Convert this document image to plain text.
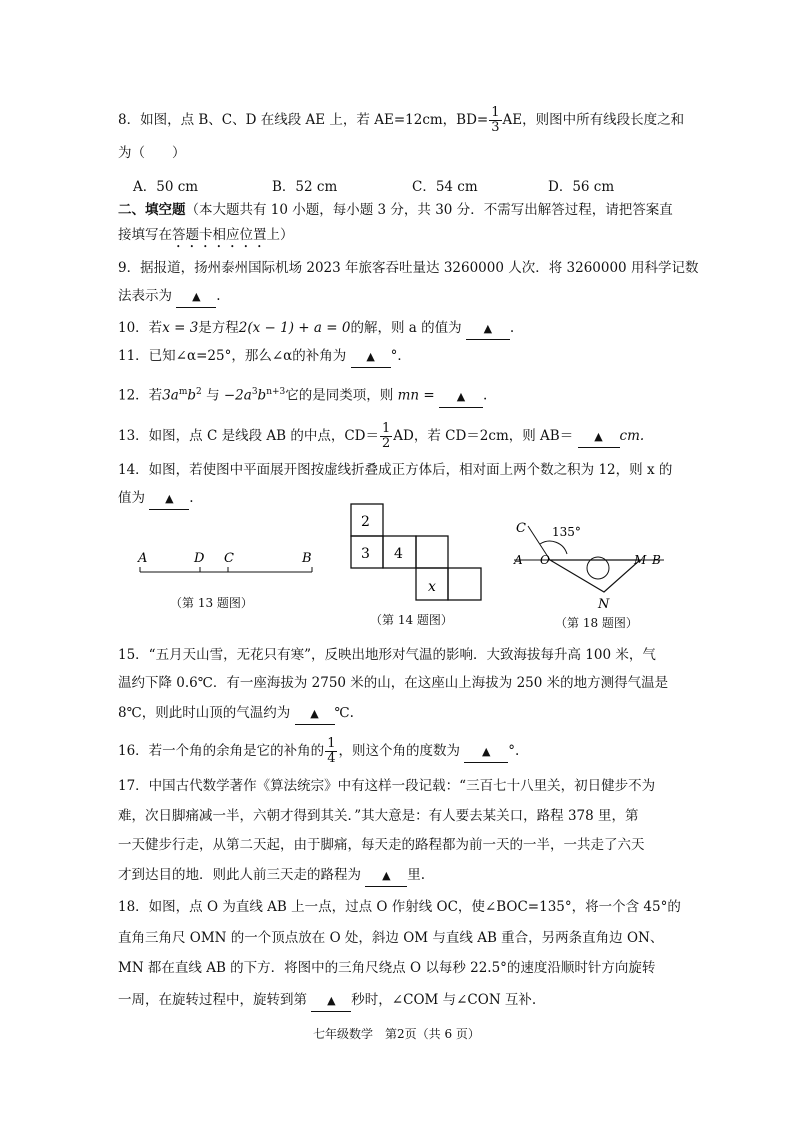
8．如图，点 B、C、D 在线段 AE 上，若 AE=12cm，$BD= \frac{1}{3}$ AE，则图中所有线段长度之和
为（　　）
A．50 cm	B．52 cm	C．54 cm	D．56 cm
二、填空题（本大题共有 10 小题，每小题 3 分，共 30 分．不需写出解答过程，请把答案直
接填写在答题卡相应位置上）
9．据报道，扬州泰州国际机场 2023 年旅客吞吐量达 3260000 人次．将 3260000 用科学记数
法表示为 ▲ .
10．若x = 3是方程2(x − 1) + a = 0的解，则 a 的值为 ▲ .
11．已知∠α=25°，那么∠α的补角为 ▲ °．
12．若$3a^mb^2$ 与 $-2a^3b^{n+3}$它的是同类项，则 mn = ▲ .
13．如图，点 C 是线段 AB 的中点，$CD= \frac{1}{2}$ AD，若 CD＝2cm，则 AB＝ ▲ cm.
14．如图，若使图中平面展开图按虚线折叠成正方体后，相对面上两个数之积为 12，则 x 的
值为 ▲ .
A	D C	B
（第 13 题图）
2
3 4
x
（第 14 题图）
135°
C
A O	M B
N
（第 18 题图）
15．“五月天山雪，无花只有寒”，反映出地形对气温的影响．大致海拔每升高 100 米，气
温约下降 0.6℃．有一座海拔为 2750 米的山，在这座山上海拔为 250 米的地方测得气温是
8℃，则此时山顶的气温约为 ▲ ℃.
16．若一个角的余角是它的补角的 $\frac{1}{4}$ ，则这个角的度数为 ▲ °.
17．中国古代数学著作《算法统宗》中有这样一段记载：“三百七十八里关，初日健步不为
难，次日脚痛减一半，六朝才得到其关．”其大意是：有人要去某关口，路程 378 里，第
一天健步行走，从第二天起，由于脚痛，每天走的路程都为前一天的一半，一共走了六天
才到达目的地．则此人前三天走的路程为 ▲ 里.
18．如图，点 O 为直线 AB 上一点，过点 O 作射线 OC，使∠BOC=135°，将一个含 45°的
直角三角尺 OMN 的一个顶点放在 O 处，斜边 OM 与直线 AB 重合，另两条直角边 ON、
MN 都在直线 AB 的下方．将图中的三角尺绕点 O 以每秒 22.5°的速度沿顺时针方向旋转
一周，在旋转过程中，旋转到第 ▲ 秒时，∠COM 与∠CON 互补.
七年级数学　第2页（共 6 页）
